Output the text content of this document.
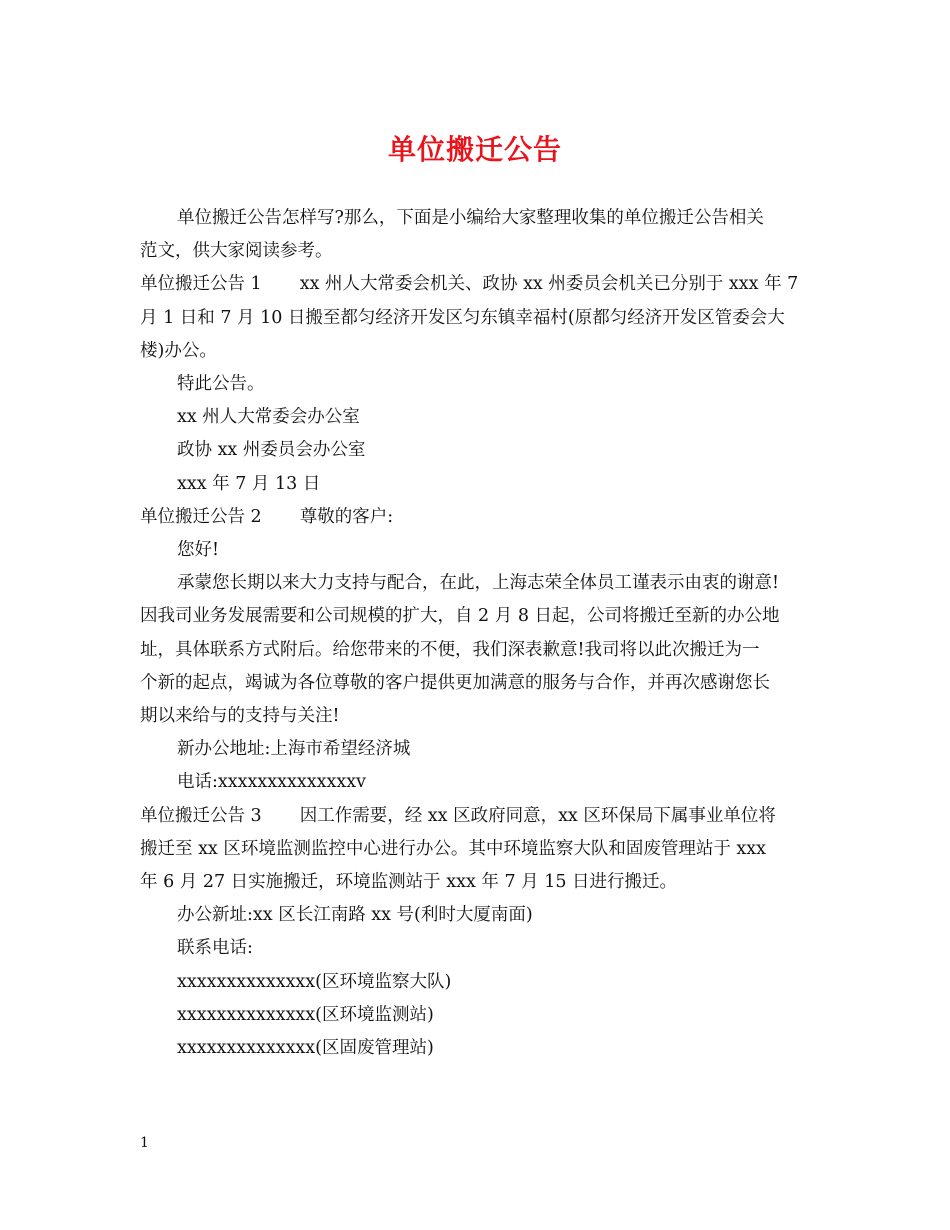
单位搬迁公告

单位搬迁公告怎样写?那么，下面是小编给大家整理收集的单位搬迁公告相关

范文，供大家阅读参考。

单位搬迁公告 1 xx 州人大常委会机关、政协 xx 州委员会机关已分别于 xxx 年 7

月 1 日和 7 月 10 日搬至都匀经济开发区匀东镇幸福村(原都匀经济开发区管委会大

楼)办公。

特此公告。

xx 州人大常委会办公室

政协 xx 州委员会办公室

xxx 年 7 月 13 日

单位搬迁公告 2 尊敬的客户:

您好!

承蒙您长期以来大力支持与配合，在此，上海志荣全体员工谨表示由衷的谢意!

因我司业务发展需要和公司规模的扩大，自 2 月 8 日起，公司将搬迁至新的办公地

址，具体联系方式附后。给您带来的不便，我们深表歉意!我司将以此次搬迁为一

个新的起点，竭诚为各位尊敬的客户提供更加满意的服务与合作，并再次感谢您长

期以来给与的支持与关注!

新办公地址:上海市希望经济城

电话:xxxxxxxxxxxxxxv

单位搬迁公告 3 因工作需要，经 xx 区政府同意，xx 区环保局下属事业单位将

搬迁至 xx 区环境监测监控中心进行办公。其中环境监察大队和固废管理站于 xxx

年 6 月 27 日实施搬迁，环境监测站于 xxx 年 7 月 15 日进行搬迁。

办公新址:xx 区长江南路 xx 号(利时大厦南面)

联系电话:

xxxxxxxxxxxxxx(区环境监察大队)

xxxxxxxxxxxxxx(区环境监测站)

xxxxxxxxxxxxxx(区固废管理站)

1
